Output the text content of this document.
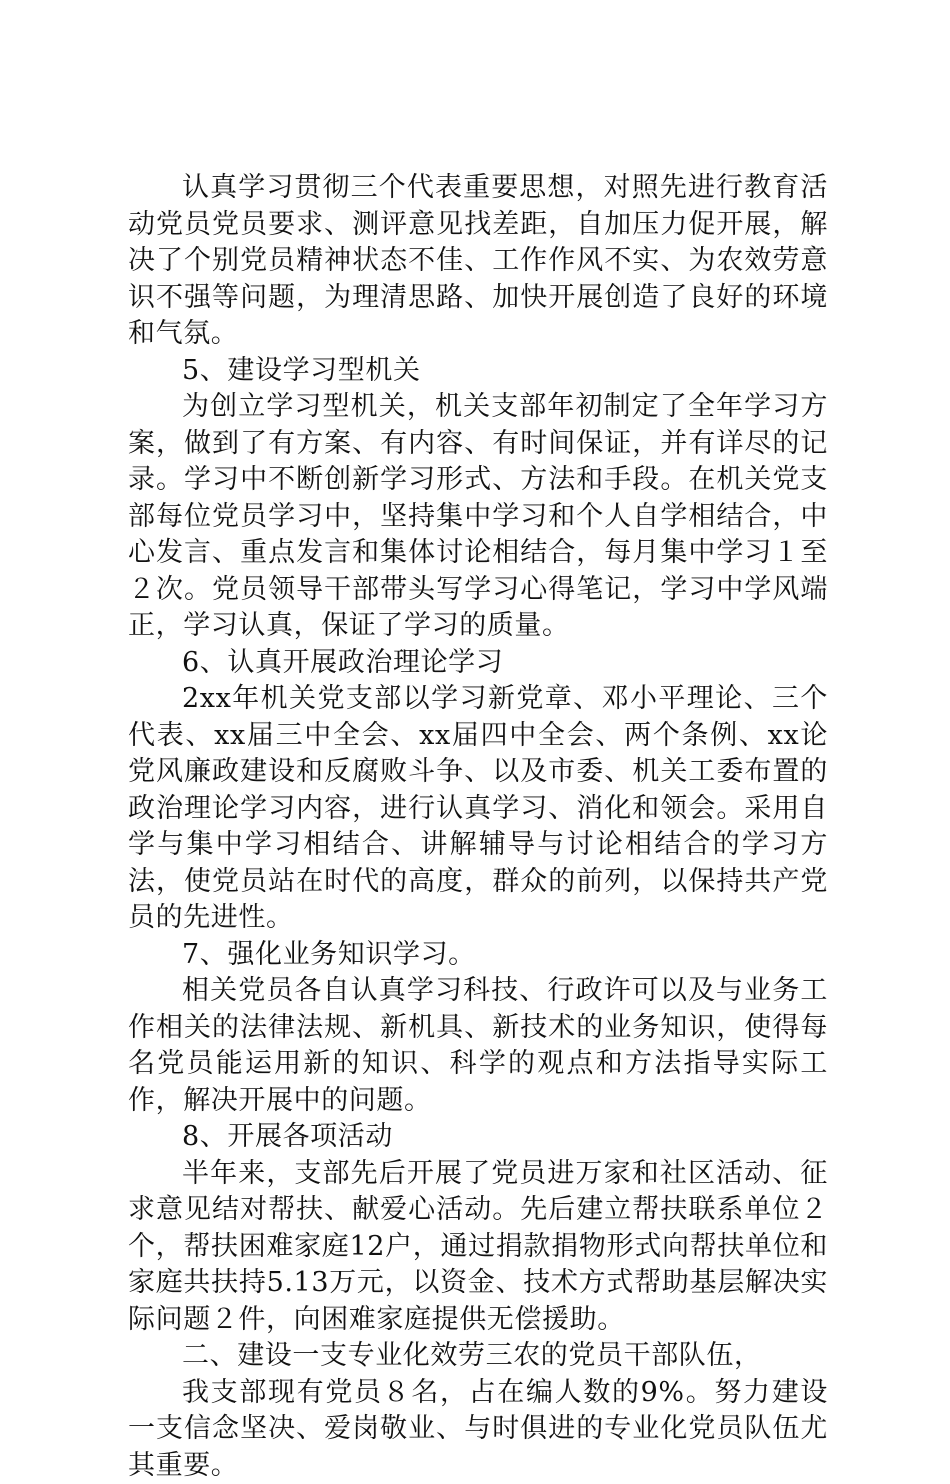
认真学习贯彻三个代表重要思想，对照先进行教育活动党员党员要求、测评意见找差距，自加压力促开展，解决了个别党员精神状态不佳、工作作风不实、为农效劳意识不强等问题，为理清思路、加快开展创造了良好的环境和气氛。

5、建设学习型机关

为创立学习型机关，机关支部年初制定了全年学习方案，做到了有方案、有内容、有时间保证，并有详尽的记录。学习中不断创新学习形式、方法和手段。在机关党支部每位党员学习中，坚持集中学习和个人自学相结合，中心发言、重点发言和集体讨论相结合，每月集中学习１至２次。党员领导干部带头写学习心得笔记，学习中学风端正，学习认真，保证了学习的质量。

6、认真开展政治理论学习

2xx年机关党支部以学习新党章、邓小平理论、三个代表、xx届三中全会、xx届四中全会、两个条例、xx论党风廉政建设和反腐败斗争、以及市委、机关工委布置的政治理论学习内容，进行认真学习、消化和领会。采用自学与集中学习相结合、讲解辅导与讨论相结合的学习方法，使党员站在时代的高度，群众的前列，以保持共产党员的先进性。

7、强化业务知识学习。

相关党员各自认真学习科技、行政许可以及与业务工作相关的法律法规、新机具、新技术的业务知识，使得每名党员能运用新的知识、科学的观点和方法指导实际工作，解决开展中的问题。

8、开展各项活动

半年来，支部先后开展了党员进万家和社区活动、征求意见结对帮扶、献爱心活动。先后建立帮扶联系单位２个，帮扶困难家庭12户，通过捐款捐物形式向帮扶单位和家庭共扶持5.13万元，以资金、技术方式帮助基层解决实际问题２件，向困难家庭提供无偿援助。

二、建设一支专业化效劳三农的党员干部队伍，

我支部现有党员８名，占在编人数的9%。努力建设一支信念坚决、爱岗敬业、与时俱进的专业化党员队伍尤其重要。
